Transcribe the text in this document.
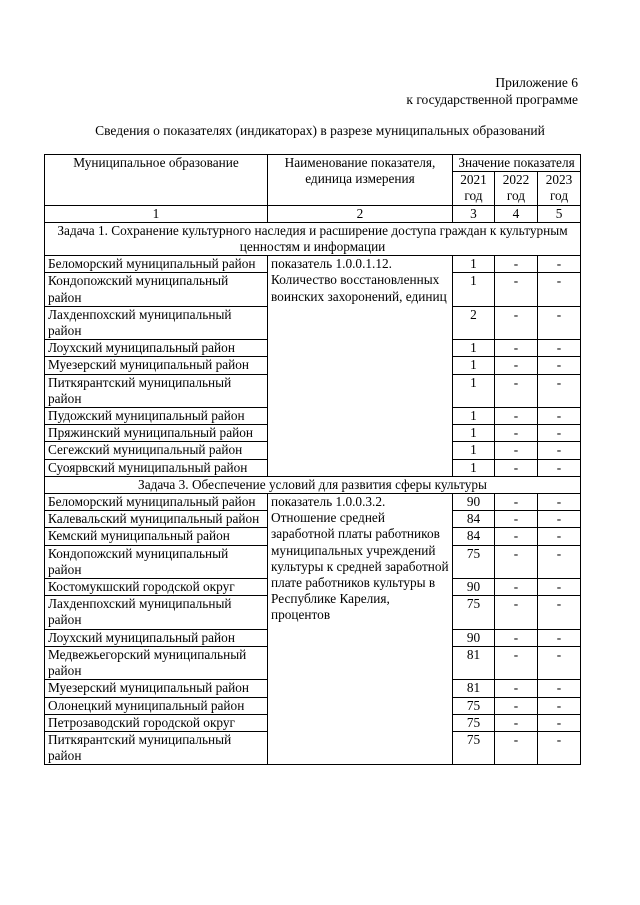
Приложение 6
к государственной программе
Сведения о показателях (индикаторах) в разрезе муниципальных образований
Муниципальное образование	Наименование показателя, единица измерения	Значение показателя		
		2021 год	2022 год	2023 год
1	2	3	4	5
Задача 1. Сохранение культурного наследия и расширение доступа граждан к культурным ценностям и информации				
Беломорский муниципальный район	показатель 1.0.0.1.12. Количество восстановленных воинских захоронений, единиц	1	-	-
Кондопожский муниципальный район		1	-	-
Лахденпохский муниципальный район		2	-	-
Лоухский муниципальный район		1	-	-
Муезерский муниципальный район		1	-	-
Питкярантский муниципальный район		1	-	-
Пудожский муниципальный район		1	-	-
Пряжинский муниципальный район		1	-	-
Сегежский муниципальный район		1	-	-
Суоярвский муниципальный район		1	-	-
Задача 3. Обеспечение условий для развития сферы культуры				
Беломорский муниципальный район	показатель 1.0.0.3.2. Отношение средней заработной платы работников муниципальных учреждений культуры к средней заработной плате работников культуры в Республике Карелия, процентов	90	-	-
Калевальский муниципальный район		84	-	-
Кемский муниципальный район		84	-	-
Кондопожский муниципальный район		75	-	-
Костомукшский городской округ		90	-	-
Лахденпохский муниципальный район		75	-	-
Лоухский муниципальный район		90	-	-
Медвежьегорский муниципальный район		81	-	-
Муезерский муниципальный район		81	-	-
Олонецкий муниципальный район		75	-	-
Петрозаводский городской округ		75	-	-
Питкярантский муниципальный район		75	-	-
